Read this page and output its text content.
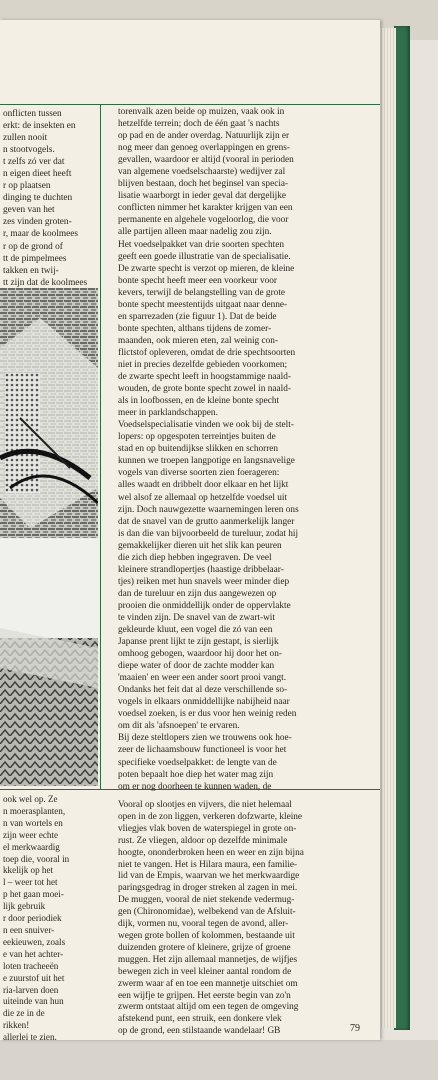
onflicten tussen
erkt: de insekten en
zullen nooit
n stootvogels.
t zelfs zó ver dat
n eigen dieet heeft
r op plaatsen
dinging te duchten
geven van het
zes vinden groten-
r, maar de koolmees
r op de grond of
tt de pimpelmees
takken en twij-
tt zijn dat de koolmees
torenvalk azen beide op muizen, vaak ook in
hetzelfde terrein; doch de één gaat 's nachts
op pad en de ander overdag. Natuurlijk zijn er
nog meer dan genoeg overlappingen en grens-
gevallen, waardoor er altijd (vooral in perioden
van algemene voedselschaarste) wedijver zal
blijven bestaan, doch het beginsel van specia-
lisatie waarborgt in ieder geval dat dergelijke
conflicten nimmer het karakter krijgen van een
permanente en algehele vogeloorlog, die voor
alle partijen alleen maar nadelig zou zijn.
Het voedselpakket van drie soorten spechten
geeft een goede illustratie van de specialisatie.
De zwarte specht is verzot op mieren, de kleine
bonte specht heeft meer een voorkeur voor
kevers, terwijl de belangstelling van de grote
bonte specht meestentijds uitgaat naar denne-
en sparrezaden (zie figuur 1). Dat de beide
bonte spechten, althans tijdens de zomer-
maanden, ook mieren eten, zal weinig con-
flictstof opleveren, omdat de drie spechtsoorten
niet in precies dezelfde gebieden voorkomen;
de zwarte specht leeft in hoogstammige naald-
wouden, de grote bonte specht zowel in naald-
als in loofbossen, en de kleine bonte specht
meer in parklandschappen.
Voedselspecialisatie vinden we ook bij de stelt-
lopers: op opgespoten terreintjes buiten de
stad en op buitendijkse slikken en schorren
kunnen we troepen langpotige en langsnavelige
vogels van diverse soorten zien foerageren:
alles waadt en dribbelt door elkaar en het lijkt
wel alsof ze allemaal op hetzelfde voedsel uit
zijn. Doch nauwgezette waarnemingen leren ons
dat de snavel van de grutto aanmerkelijk langer
is dan die van bijvoorbeeld de tureluur, zodat hij
gemakkelijker dieren uit het slik kan peuren
die zich diep hebben ingegraven. De veel
kleinere strandlopertjes (haastige dribbelaar-
tjes) reiken met hun snavels weer minder diep
dan de tureluur en zijn dus aangewezen op
prooien die onmiddellijk onder de oppervlakte
te vinden zijn. De snavel van de zwart-wit
gekleurde kluut, een vogel die zó van een
Japanse prent lijkt te zijn gestapt, is sierlijk
omhoog gebogen, waardoor hij door het on-
diepe water of door de zachte modder kan
'maaien' en weer een ander soort prooi vangt.
Ondanks het feit dat al deze verschillende so-
vogels in elkaars onmiddellijke nabijheid naar
voedsel zoeken, is er dus voor hen weinig reden
om dit als 'afsnoepen' te ervaren.
Bij deze steltlopers zien we trouwens ook hoe-
zeer de lichaamsbouw functioneel is voor het
specifieke voedselpakket: de lengte van de
poten bepaalt hoe diep het water mag zijn
om er nog doorheen te kunnen waden, de
ook wel op. Ze
n moerasplanten,
n van wortels en
zijn weer echte
el merkwaardig
toep die, vooral in
kkelijk op het
l – weer tot het
p het gaan moei-
lijk gebruik
r door periodiek
n een snuiver-
eekieuwen, zoals
e van het achter-
loten tracheeën
e zuurstof uit het
ria-larven doen
uiteinde van hun
die ze in de
rikken!
allerlei te zien.
Vooral op slootjes en vijvers, die niet helemaal
open in de zon liggen, verkeren dofzwarte, kleine
vliegjes vlak boven de waterspiegel in grote on-
rust. Ze vliegen, aldoor op dezelfde minimale
hoogte, ononderbroken heen en weer en zijn bijna
niet te vangen. Het is Hilara maura, een familie-
lid van de Empis, waarvan we het merkwaardige
paringsgedrag in droger streken al zagen in mei.
De muggen, vooral de niet stekende vedermug-
gen (Chironomidae), welbekend van de Afsluit-
dijk, vormen nu, vooral tegen de avond, aller-
wegen grote bollen of kolommen, bestaande uit
duizenden grotere of kleinere, grijze of groene
muggen. Het zijn allemaal mannetjes, de wijfjes
bewegen zich in veel kleiner aantal rondom de
zwerm waar af en toe een mannetje uitschiet om
een wijfje te grijpen. Het eerste begin van zo'n
zwerm ontstaat altijd om een tegen de omgeving
afstekend punt, een struik, een donkere vlek
op de grond, een stilstaande wandelaar! GB	79
